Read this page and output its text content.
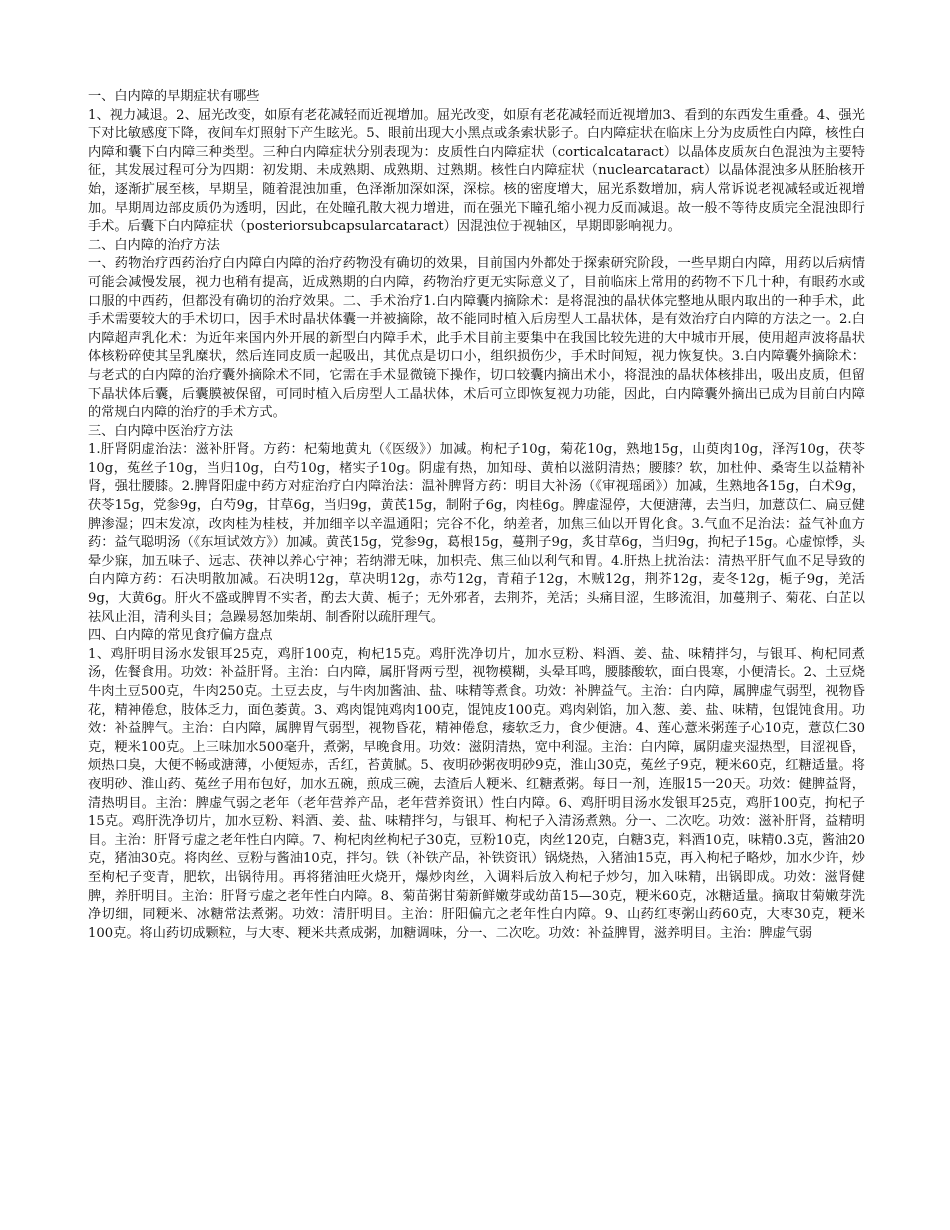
一、白内障的早期症状有哪些

1、视力减退。2、屈光改变，如原有老花减轻而近视增加。屈光改变，如原有老花减轻而近视增加3、看到的东西发生重叠。4、强光下对比敏感度下降，夜间车灯照射下产生眩光。5、眼前出现大小黑点或条索状影子。白内障症状在临床上分为皮质性白内障，核性白内障和囊下白内障三种类型。三种白内障症状分别表现为：皮质性白内障症状（corticalcataract）以晶体皮质灰白色混浊为主要特征，其发展过程可分为四期：初发期、未成熟期、成熟期、过熟期。核性白内障症状（nuclearcataract）以晶体混浊多从胚胎核开始，逐渐扩展至核，早期呈，随着混浊加重，色泽渐加深如深，深棕。核的密度增大，屈光系数增加，病人常诉说老视减轻或近视增加。早期周边部皮质仍为透明，因此，在处瞳孔散大视力增进，而在强光下瞳孔缩小视力反而减退。故一般不等待皮质完全混浊即行手术。后囊下白内障症状（posteriorsubcapsularcataract）因混浊位于视轴区，早期即影响视力。

二、白内障的治疗方法

一、药物治疗西药治疗白内障白内障的治疗药物没有确切的效果，目前国内外都处于探索研究阶段，一些早期白内障，用药以后病情可能会减慢发展，视力也稍有提高，近成熟期的白内障，药物治疗更无实际意义了，目前临床上常用的药物不下几十种，有眼药水或口服的中西药，但都没有确切的治疗效果。二、手术治疗1.白内障囊内摘除术：是将混浊的晶状体完整地从眼内取出的一种手术，此手术需要较大的手术切口，因手术时晶状体囊一并被摘除，故不能同时植入后房型人工晶状体，是有效治疗白内障的方法之一。2.白内障超声乳化术：为近年来国内外开展的新型白内障手术，此手术目前主要集中在我国比较先进的大中城市开展，使用超声波将晶状体核粉碎使其呈乳糜状，然后连同皮质一起吸出，其优点是切口小，组织损伤少，手术时间短，视力恢复快。3.白内障囊外摘除术：与老式的白内障的治疗囊外摘除术不同，它需在手术显微镜下操作，切口较囊内摘出术小，将混浊的晶状体核排出，吸出皮质，但留下晶状体后囊，后囊膜被保留，可同时植入后房型人工晶状体，术后可立即恢复视力功能，因此，白内障囊外摘出已成为目前白内障的常规白内障的治疗的手术方式。

三、白内障中医治疗方法

1.肝肾阴虚治法：滋补肝肾。方药：杞菊地黄丸（《医级》）加减。枸杞子10g，菊花10g，熟地15g，山萸肉10g，泽泻10g，茯苓10g，菟丝子10g，当归10g，白芍10g，楮实子10g。阴虚有热，加知母、黄柏以滋阴清热；腰膝？软，加杜仲、桑寄生以益精补肾，强壮腰膝。2.脾肾阳虚中药方对症治疗白内障治法：温补脾肾方药：明目大补汤（《审视瑶函》）加减，生熟地各15g，白术9g，茯苓15g，党参9g，白芍9g，甘草6g，当归9g，黄芪15g，制附子6g，肉桂6g。脾虚湿停，大便溏薄，去当归，加薏苡仁、扁豆健脾渗湿；四末发凉，改肉桂为桂枝，并加细辛以辛温通阳；完谷不化，纳差者，加焦三仙以开胃化食。3.气血不足治法：益气补血方药：益气聪明汤（《东垣试效方》）加减。黄芪15g，党参9g，葛根15g，蔓荆子9g，炙甘草6g，当归9g，拘杞子15g。心虚惊悸，头晕少寐，加五味子、远志、茯神以养心宁神；若纳滞无味，加枳壳、焦三仙以利气和胃。4.肝热上扰治法：清热平肝气血不足导致的白内障方药：石决明散加减。石决明12g，草决明12g，赤芍12g，青葙子12g，木贼12g，荆芥12g，麦冬12g，栀子9g，羌活9g，大黄6g。肝火不盛或脾胃不实者，酌去大黄、栀子；无外邪者，去荆芥，羌活；头痛目涩，生眵流泪，加蔓荆子、菊花、白芷以祛风止泪，清利头目；急躁易怒加柴胡、制香附以疏肝理气。

四、白内障的常见食疗偏方盘点

1、鸡肝明目汤水发银耳25克，鸡肝100克，枸杞15克。鸡肝洗净切片，加水豆粉、料酒、姜、盐、味精拌匀，与银耳、枸杞同煮汤，佐餐食用。功效：补益肝肾。主治：白内障，属肝肾两亏型，视物模糊，头晕耳鸣，腰膝酸软，面白畏寒，小便清长。2、土豆烧牛肉土豆500克，牛肉250克。土豆去皮，与牛肉加酱油、盐、味精等煮食。功效：补脾益气。主治：白内障，属脾虚气弱型，视物昏花，精神倦怠，肢体乏力，面色萎黄。3、鸡肉馄饨鸡肉100克，馄饨皮100克。鸡肉剁馅，加入葱、姜、盐、味精，包馄饨食用。功效：补益脾气。主治：白内障，属脾胃气弱型，视物昏花，精神倦怠，痿软乏力，食少便溏。4、莲心薏米粥莲子心10克，薏苡仁30克，粳米100克。上三味加水500毫升，煮粥，早晚食用。功效：滋阴清热，宽中利湿。主治：白内障，属阴虚夹湿热型，目涩视昏，烦热口臭，大便不畅或溏薄，小便短赤，舌红，苔黄腻。5、夜明砂粥夜明砂9克，淮山30克，菟丝子9克，粳米60克，红糖适量。将夜明砂、淮山药、菟丝子用布包好，加水五碗，煎成三碗，去渣后人粳米、红糖煮粥。每日一剂，连服15一20天。功效：健脾益肾，清热明目。主治：脾虚气弱之老年（老年营养产品，老年营养资讯）性白内障。6、鸡肝明目汤水发银耳25克，鸡肝100克，拘杞子15克。鸡肝洗净切片，加水豆粉、料酒、姜、盐、味精拌匀，与银耳、枸杞子入清汤煮熟。分一、二次吃。功效：滋补肝肾，益精明目。主治：肝肾亏虚之老年性白内障。7、枸杞肉丝枸杞子30克，豆粉10克，肉丝120克，白糖3克，料酒10克，味精0.3克，酱油20克，猪油30克。将肉丝、豆粉与酱油10克，拌匀。铁（补铁产品，补铁资讯）锅烧热，入猪油15克，再入枸杞子略炒，加水少许，炒至枸杞子变青，肥软，出锅待用。再将猪油旺火烧开，爆炒肉丝，入调料后放入枸杞子炒匀，加入味精，出锅即成。功效：滋肾健脾，养肝明目。主治：肝肾亏虚之老年性白内障。8、菊苗粥甘菊新鲜嫩芽或幼苗15—30克，粳米60克，冰糖适量。摘取甘菊嫩芽洗净切细，同粳米、冰糖常法煮粥。功效：清肝明目。主治：肝阳偏亢之老年性白内障。9、山药红枣粥山药60克，大枣30克，粳米100克。将山药切成颗粒，与大枣、粳米共煮成粥，加糖调味，分一、二次吃。功效：补益脾胃，滋养明目。主治：脾虚气弱
